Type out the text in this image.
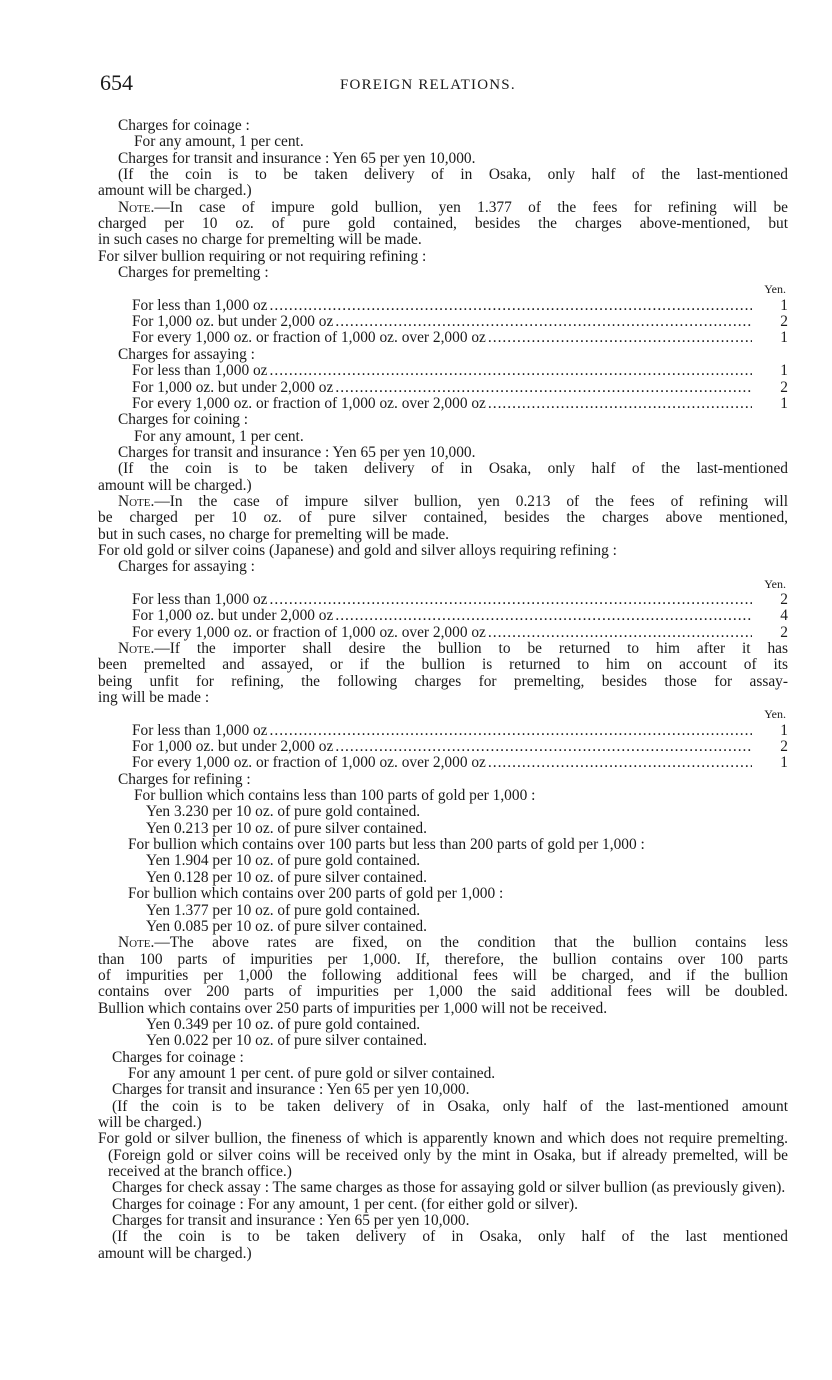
654	FOREIGN RELATIONS.
Charges for coinage :
For any amount, 1 per cent.
Charges for transit and insurance : Yen 65 per yen 10,000.
(If the coin is to be taken delivery of in Osaka, only half of the last-mentioned
amount will be charged.)
Note.—In case of impure gold bullion, yen 1.377 of the fees for refining will be
charged per 10 oz. of pure gold contained, besides the charges above-mentioned, but
in such cases no charge for premelting will be made.
For silver bullion requiring or not requiring refining :
Charges for premelting :
Yen.
For less than 1,000 oz .....	1
For 1,000 oz. but under 2,000 oz .....	2
For every 1,000 oz. or fraction of 1,000 oz. over 2,000 oz .....	1
Charges for assaying :
For less than 1,000 oz .....	1
For 1,000 oz. but under 2,000 oz .....	2
For every 1,000 oz. or fraction of 1,000 oz. over 2,000 oz .....	1
Charges for coining :
For any amount, 1 per cent.
Charges for transit and insurance : Yen 65 per yen 10,000.
(If the coin is to be taken delivery of in Osaka, only half of the last-mentioned
amount will be charged.)
Note.—In the case of impure silver bullion, yen 0.213 of the fees of refining will
be charged per 10 oz. of pure silver contained, besides the charges above mentioned,
but in such cases, no charge for premelting will be made.
For old gold or silver coins (Japanese) and gold and silver alloys requiring refining :
Charges for assaying :
Yen.
For less than 1,000 oz .....	2
For 1,000 oz. but under 2,000 oz .....	4
For every 1,000 oz. or fraction of 1,000 oz. over 2,000 oz .....	2
Note.—If the importer shall desire the bullion to be returned to him after it has
been premelted and assayed, or if the bullion is returned to him on account of its
being unfit for refining, the following charges for premelting, besides those for assay-
ing will be made :
Yen.
For less than 1,000 oz .....	1
For 1,000 oz. but under 2,000 oz .....	2
For every 1,000 oz. or fraction of 1,000 oz. over 2,000 oz .....	1
Charges for refining :
For bullion which contains less than 100 parts of gold per 1,000 :
Yen 3.230 per 10 oz. of pure gold contained.
Yen 0.213 per 10 oz. of pure silver contained.
For bullion which contains over 100 parts but less than 200 parts of gold per 1,000 :
Yen 1.904 per 10 oz. of pure gold contained.
Yen 0.128 per 10 oz. of pure silver contained.
For bullion which contains over 200 parts of gold per 1,000 :
Yen 1.377 per 10 oz. of pure gold contained.
Yen 0.085 per 10 oz. of pure silver contained.
Note.—The above rates are fixed, on the condition that the bullion contains less
than 100 parts of impurities per 1,000. If, therefore, the bullion contains over 100 parts
of impurities per 1,000 the following additional fees will be charged, and if the bullion
contains over 200 parts of impurities per 1,000 the said additional fees will be doubled.
Bullion which contains over 250 parts of impurities per 1,000 will not be received.
Yen 0.349 per 10 oz. of pure gold contained.
Yen 0.022 per 10 oz. of pure silver contained.
Charges for coinage :
For any amount 1 per cent. of pure gold or silver contained.
Charges for transit and insurance : Yen 65 per yen 10,000.
(If the coin is to be taken delivery of in Osaka, only half of the last-mentioned amount
will be charged.)
For gold or silver bullion, the fineness of which is apparently known and which does not require premelting. (Foreign gold or silver coins will be received only by the mint in Osaka, but if already premelted, will be received at the branch office.)
Charges for check assay : The same charges as those for assaying gold or silver bullion (as previously given).
Charges for coinage : For any amount, 1 per cent. (for either gold or silver).
Charges for transit and insurance : Yen 65 per yen 10,000.
(If the coin is to be taken delivery of in Osaka, only half of the last mentioned
amount will be charged.)
